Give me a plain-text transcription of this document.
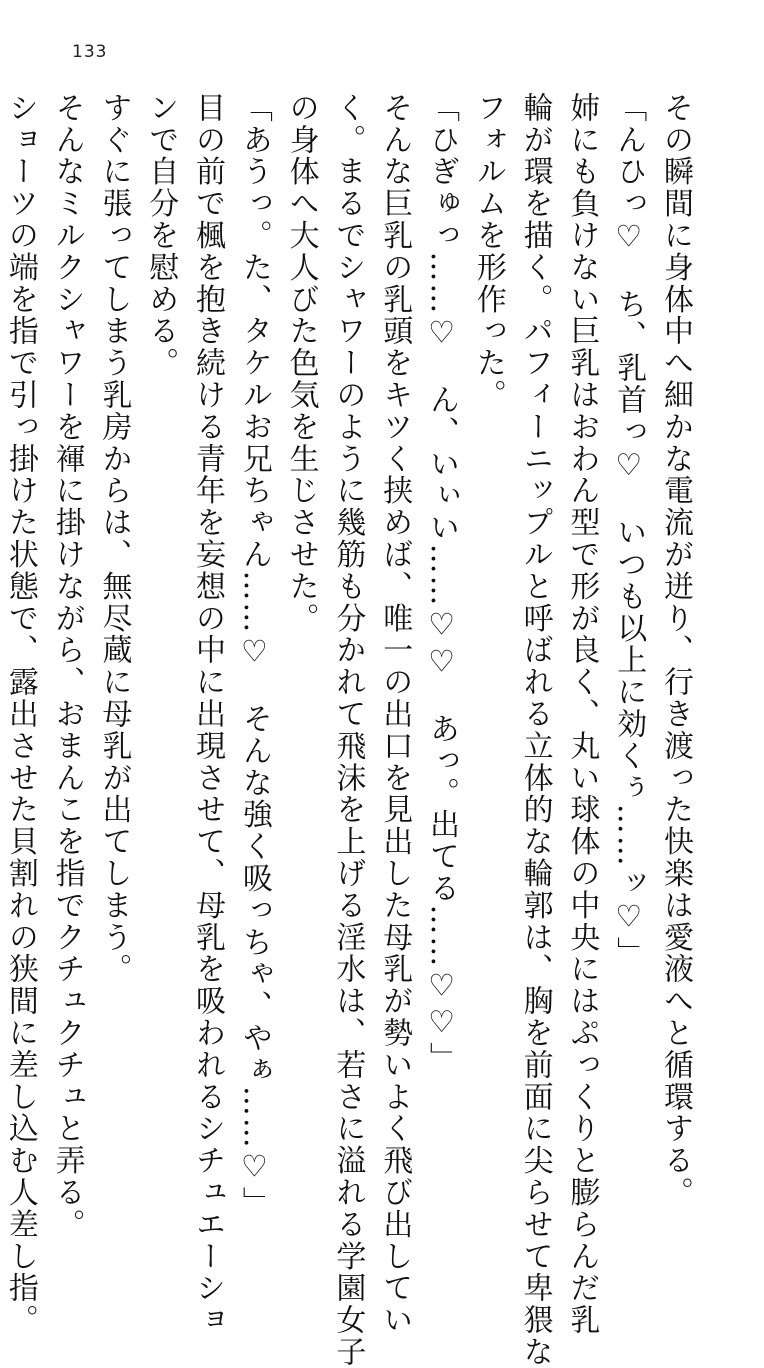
133
その瞬間に身体中へ細かな電流が迸り、行き渡った快楽は愛液へと循環する。
「んひっ♡　ち、乳首っ♡　いつも以上に効くぅ……ッ♡」
姉にも負けない巨乳はおわん型で形が良く、丸い球体の中央にはぷっくりと膨らんだ乳
輪が環を描く。パフィーニップルと呼ばれる立体的な輪郭は、胸を前面に尖らせて卑猥な
フォルムを形作った。
「ひぎゅっ……♡　ん、いぃい……♡♡　あっ。出てる……♡♡」
そんな巨乳の乳頭をキツく挟めば、唯一の出口を見出した母乳が勢いよく飛び出してい
く。まるでシャワーのように幾筋も分かれて飛沫を上げる淫水は、若さに溢れる学園女子
の身体へ大人びた色気を生じさせた。
「あうっ。た、タケルお兄ちゃん……♡　そんな強く吸っちゃ、やぁ……♡」
目の前で楓を抱き続ける青年を妄想の中に出現させて、母乳を吸われるシチュエーショ
ンで自分を慰める。
すぐに張ってしまう乳房からは、無尽蔵に母乳が出てしまう。
そんなミルクシャワーを褌に掛けながら、おまんこを指でクチュクチュと弄る。
ショーツの端を指で引っ掛けた状態で、露出させた貝割れの狭間に差し込む人差し指。
